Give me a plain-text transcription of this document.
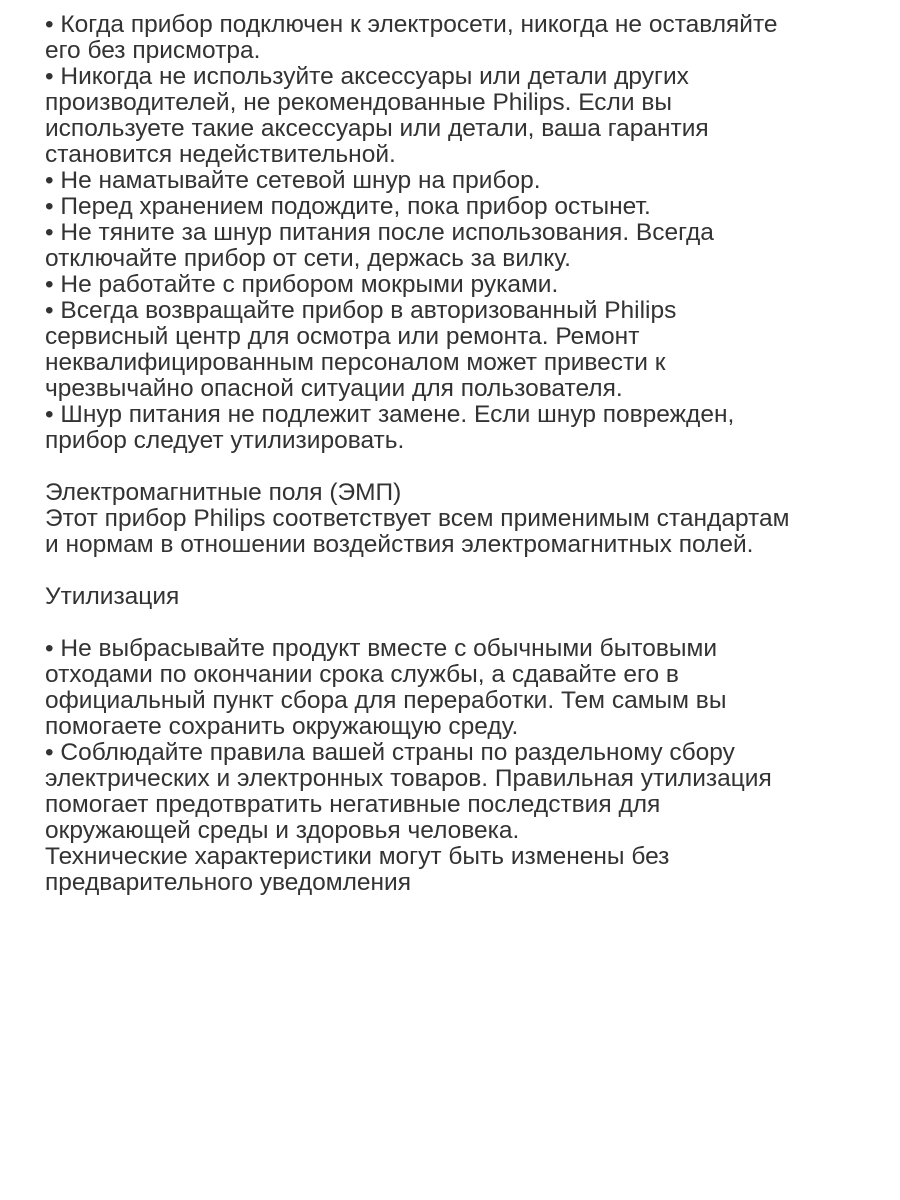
• Когда прибор подключен к электросети, никогда не оставляйте
его без присмотра.
• Никогда не используйте аксессуары или детали других
производителей, не рекомендованные Philips. Если вы
используете такие аксессуары или детали, ваша гарантия
становится недействительной.
• Не наматывайте сетевой шнур на прибор.
• Перед хранением подождите, пока прибор остынет.
• Не тяните за шнур питания после использования. Всегда
отключайте прибор от сети, держась за вилку.
• Не работайте с прибором мокрыми руками.
• Всегда возвращайте прибор в авторизованный Philips
сервисный центр для осмотра или ремонта. Ремонт
неквалифицированным персоналом может привести к
чрезвычайно опасной ситуации для пользователя.
• Шнур питания не подлежит замене. Если шнур поврежден,
прибор следует утилизировать.
Электромагнитные поля (ЭМП)
Этот прибор Philips соответствует всем применимым стандартам
и нормам в отношении воздействия электромагнитных полей.
Утилизация
• Не выбрасывайте продукт вместе с обычными бытовыми
отходами по окончании срока службы, а сдавайте его в
официальный пункт сбора для переработки. Тем самым вы
помогаете сохранить окружающую среду.
• Соблюдайте правила вашей страны по раздельному сбору
электрических и электронных товаров. Правильная утилизация
помогает предотвратить негативные последствия для
окружающей среды и здоровья человека.
Технические характеристики могут быть изменены без
предварительного уведомления
